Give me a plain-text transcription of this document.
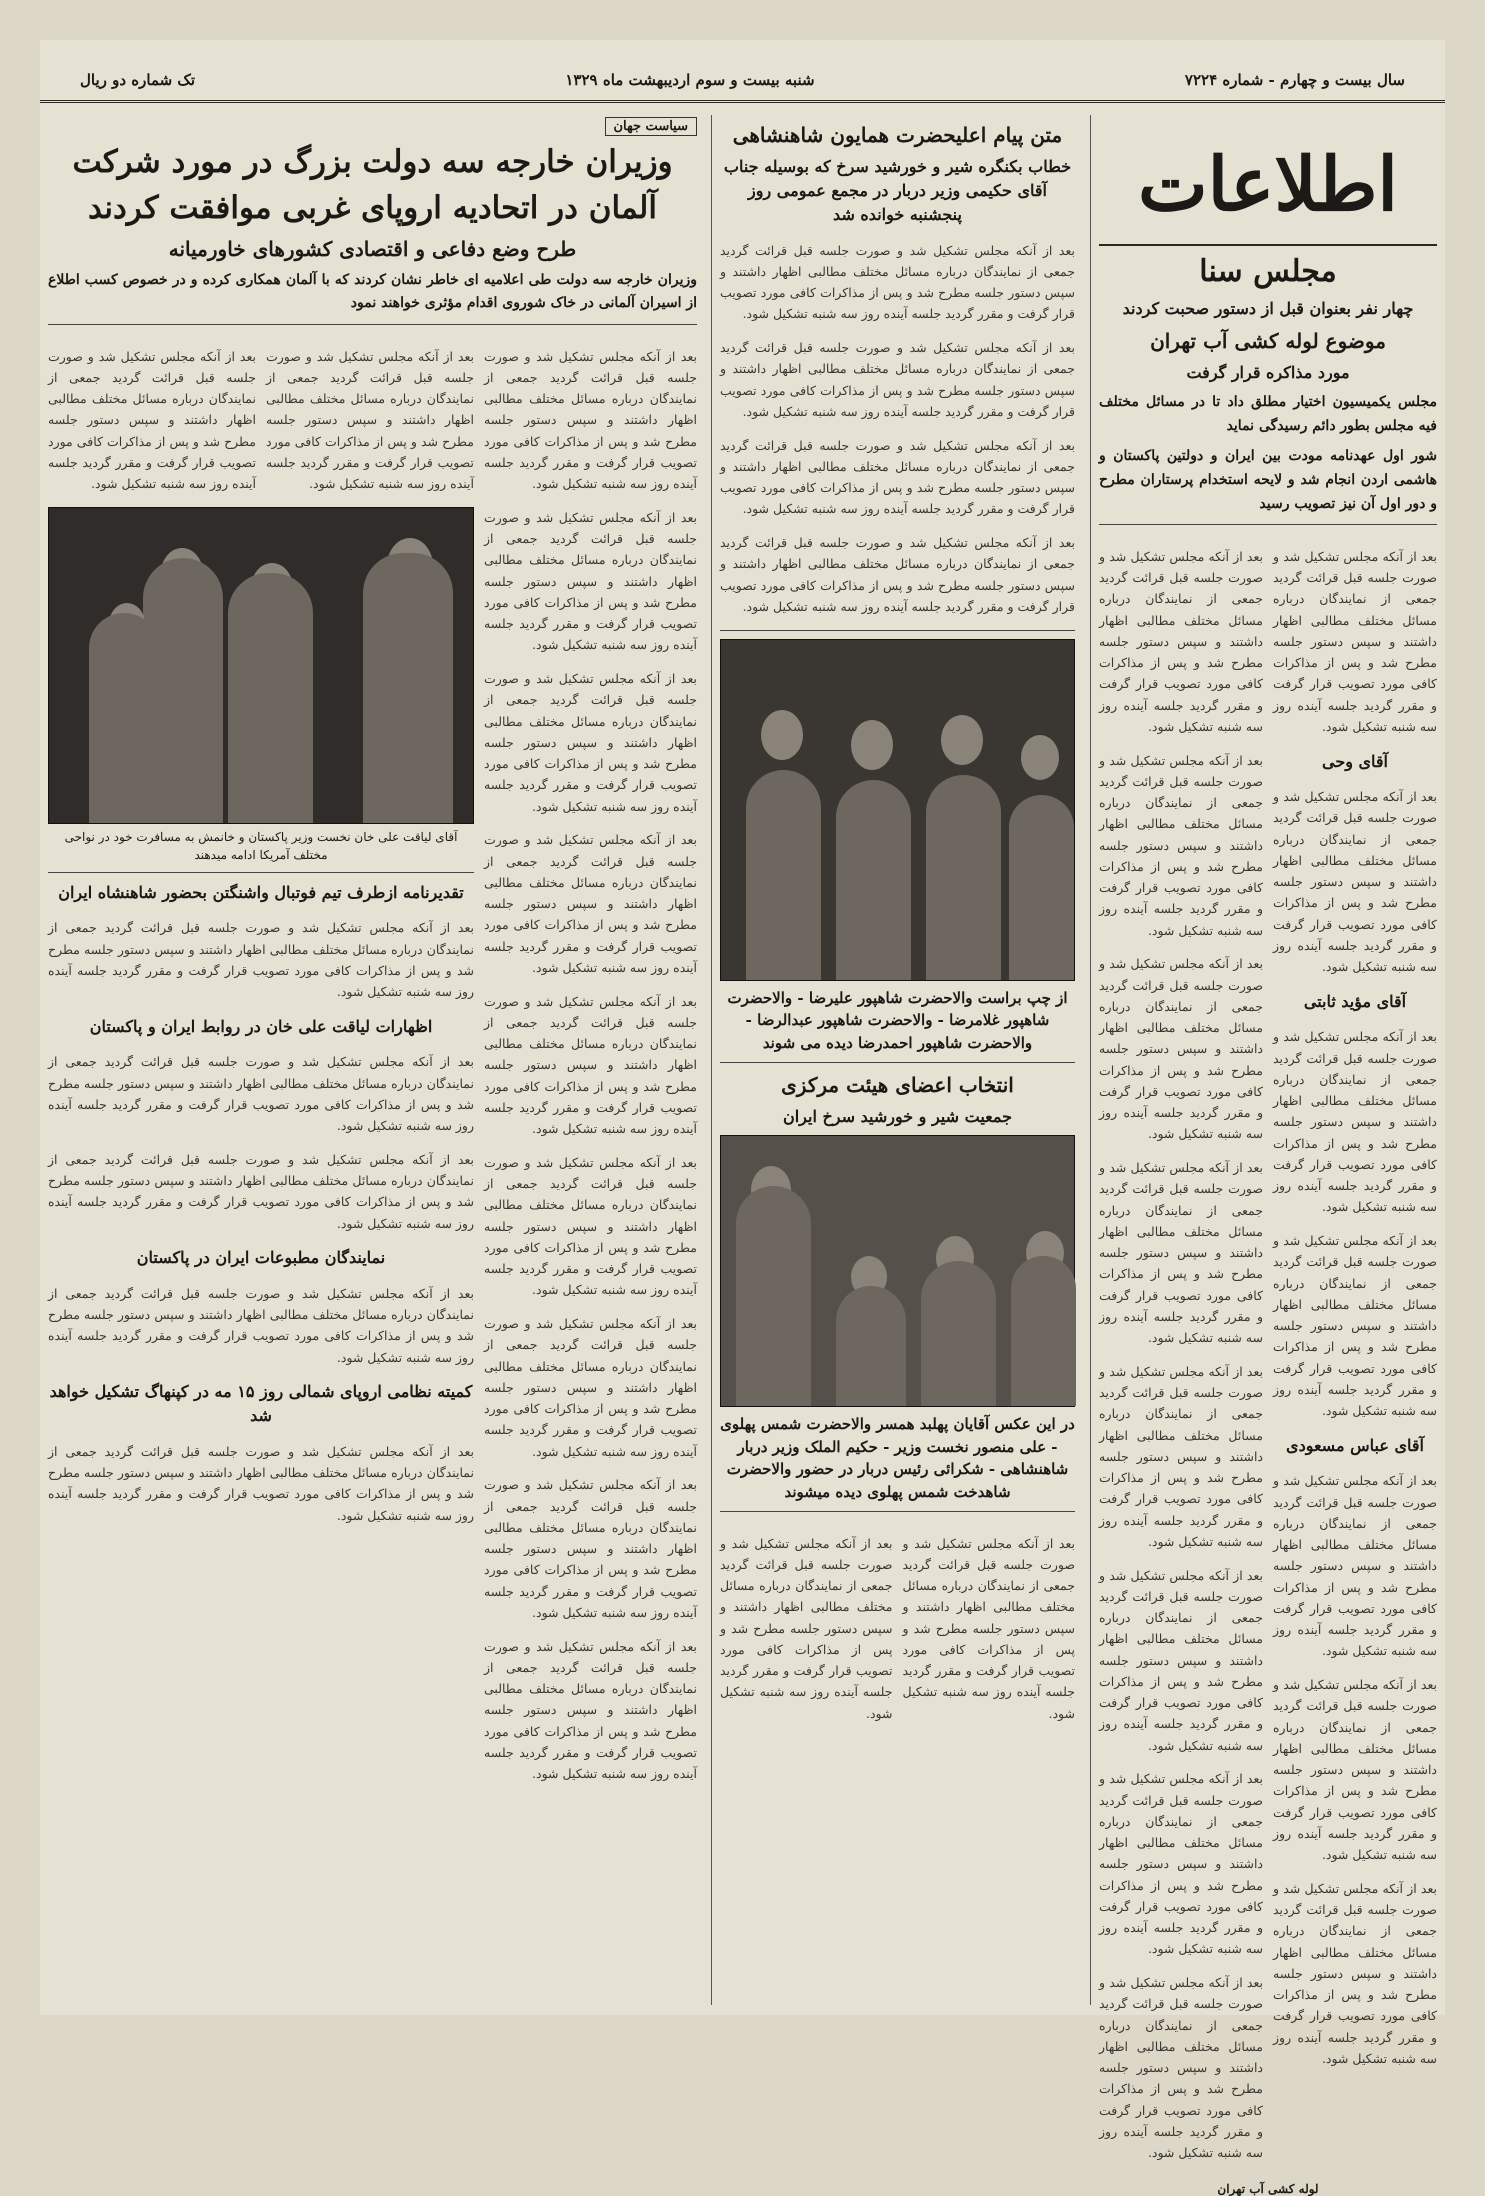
سال بیست و چهارم - شماره ۷۲۲۴
شنبه بیست و سوم اردیبهشت ماه ۱۳۲۹
تک شماره دو ریال
اطلاعات
مجلس سنا
چهار نفر بعنوان قبل از دستور صحبت کردند
موضوع لوله کشی آب تهران
مورد مذاکره قرار گرفت

مجلس یکمیسیون اختیار مطلق داد تا در مسائل مختلف فیه مجلس بطور دائم رسیدگی نماید

شور اول عهدنامه مودت بین ایران و دولتین پاکستان و هاشمی اردن انجام شد و لایحه استخدام پرستاران مطرح و دور اول آن نیز تصویب رسید

بعد از آنکه مجلس تشکیل شد و صورت جلسه قبل قرائت گردید جمعی از نمایندگان درباره مسائل مختلف مطالبی اظهار داشتند و سپس دستور جلسه مطرح شد و پس از مذاکرات کافی مورد تصویب قرار گرفت و مقرر گردید جلسه آینده روز سه شنبه تشکیل شود.

آقای وحی

بعد از آنکه مجلس تشکیل شد و صورت جلسه قبل قرائت گردید جمعی از نمایندگان درباره مسائل مختلف مطالبی اظهار داشتند و سپس دستور جلسه مطرح شد و پس از مذاکرات کافی مورد تصویب قرار گرفت و مقرر گردید جلسه آینده روز سه شنبه تشکیل شود.

آقای مؤید ثابتی

بعد از آنکه مجلس تشکیل شد و صورت جلسه قبل قرائت گردید جمعی از نمایندگان درباره مسائل مختلف مطالبی اظهار داشتند و سپس دستور جلسه مطرح شد و پس از مذاکرات کافی مورد تصویب قرار گرفت و مقرر گردید جلسه آینده روز سه شنبه تشکیل شود.

بعد از آنکه مجلس تشکیل شد و صورت جلسه قبل قرائت گردید جمعی از نمایندگان درباره مسائل مختلف مطالبی اظهار داشتند و سپس دستور جلسه مطرح شد و پس از مذاکرات کافی مورد تصویب قرار گرفت و مقرر گردید جلسه آینده روز سه شنبه تشکیل شود.

آقای عباس مسعودی

بعد از آنکه مجلس تشکیل شد و صورت جلسه قبل قرائت گردید جمعی از نمایندگان درباره مسائل مختلف مطالبی اظهار داشتند و سپس دستور جلسه مطرح شد و پس از مذاکرات کافی مورد تصویب قرار گرفت و مقرر گردید جلسه آینده روز سه شنبه تشکیل شود.

بعد از آنکه مجلس تشکیل شد و صورت جلسه قبل قرائت گردید جمعی از نمایندگان درباره مسائل مختلف مطالبی اظهار داشتند و سپس دستور جلسه مطرح شد و پس از مذاکرات کافی مورد تصویب قرار گرفت و مقرر گردید جلسه آینده روز سه شنبه تشکیل شود.

بعد از آنکه مجلس تشکیل شد و صورت جلسه قبل قرائت گردید جمعی از نمایندگان درباره مسائل مختلف مطالبی اظهار داشتند و سپس دستور جلسه مطرح شد و پس از مذاکرات کافی مورد تصویب قرار گرفت و مقرر گردید جلسه آینده روز سه شنبه تشکیل شود.

بعد از آنکه مجلس تشکیل شد و صورت جلسه قبل قرائت گردید جمعی از نمایندگان درباره مسائل مختلف مطالبی اظهار داشتند و سپس دستور جلسه مطرح شد و پس از مذاکرات کافی مورد تصویب قرار گرفت و مقرر گردید جلسه آینده روز سه شنبه تشکیل شود.

بعد از آنکه مجلس تشکیل شد و صورت جلسه قبل قرائت گردید جمعی از نمایندگان درباره مسائل مختلف مطالبی اظهار داشتند و سپس دستور جلسه مطرح شد و پس از مذاکرات کافی مورد تصویب قرار گرفت و مقرر گردید جلسه آینده روز سه شنبه تشکیل شود.

بعد از آنکه مجلس تشکیل شد و صورت جلسه قبل قرائت گردید جمعی از نمایندگان درباره مسائل مختلف مطالبی اظهار داشتند و سپس دستور جلسه مطرح شد و پس از مذاکرات کافی مورد تصویب قرار گرفت و مقرر گردید جلسه آینده روز سه شنبه تشکیل شود.

بعد از آنکه مجلس تشکیل شد و صورت جلسه قبل قرائت گردید جمعی از نمایندگان درباره مسائل مختلف مطالبی اظهار داشتند و سپس دستور جلسه مطرح شد و پس از مذاکرات کافی مورد تصویب قرار گرفت و مقرر گردید جلسه آینده روز سه شنبه تشکیل شود.

بعد از آنکه مجلس تشکیل شد و صورت جلسه قبل قرائت گردید جمعی از نمایندگان درباره مسائل مختلف مطالبی اظهار داشتند و سپس دستور جلسه مطرح شد و پس از مذاکرات کافی مورد تصویب قرار گرفت و مقرر گردید جلسه آینده روز سه شنبه تشکیل شود.

بعد از آنکه مجلس تشکیل شد و صورت جلسه قبل قرائت گردید جمعی از نمایندگان درباره مسائل مختلف مطالبی اظهار داشتند و سپس دستور جلسه مطرح شد و پس از مذاکرات کافی مورد تصویب قرار گرفت و مقرر گردید جلسه آینده روز سه شنبه تشکیل شود.

بعد از آنکه مجلس تشکیل شد و صورت جلسه قبل قرائت گردید جمعی از نمایندگان درباره مسائل مختلف مطالبی اظهار داشتند و سپس دستور جلسه مطرح شد و پس از مذاکرات کافی مورد تصویب قرار گرفت و مقرر گردید جلسه آینده روز سه شنبه تشکیل شود.

بعد از آنکه مجلس تشکیل شد و صورت جلسه قبل قرائت گردید جمعی از نمایندگان درباره مسائل مختلف مطالبی اظهار داشتند و سپس دستور جلسه مطرح شد و پس از مذاکرات کافی مورد تصویب قرار گرفت و مقرر گردید جلسه آینده روز سه شنبه تشکیل شود.

لوله کشی آب تهران
متن پیام اعلیحضرت همایون شاهنشاهی
خطاب بکنگره شیر و خورشید سرخ که بوسیله جناب آقای حکیمی وزیر دربار در مجمع عمومی روز پنجشنبه خوانده شد

بعد از آنکه مجلس تشکیل شد و صورت جلسه قبل قرائت گردید جمعی از نمایندگان درباره مسائل مختلف مطالبی اظهار داشتند و سپس دستور جلسه مطرح شد و پس از مذاکرات کافی مورد تصویب قرار گرفت و مقرر گردید جلسه آینده روز سه شنبه تشکیل شود.

بعد از آنکه مجلس تشکیل شد و صورت جلسه قبل قرائت گردید جمعی از نمایندگان درباره مسائل مختلف مطالبی اظهار داشتند و سپس دستور جلسه مطرح شد و پس از مذاکرات کافی مورد تصویب قرار گرفت و مقرر گردید جلسه آینده روز سه شنبه تشکیل شود.

بعد از آنکه مجلس تشکیل شد و صورت جلسه قبل قرائت گردید جمعی از نمایندگان درباره مسائل مختلف مطالبی اظهار داشتند و سپس دستور جلسه مطرح شد و پس از مذاکرات کافی مورد تصویب قرار گرفت و مقرر گردید جلسه آینده روز سه شنبه تشکیل شود.

بعد از آنکه مجلس تشکیل شد و صورت جلسه قبل قرائت گردید جمعی از نمایندگان درباره مسائل مختلف مطالبی اظهار داشتند و سپس دستور جلسه مطرح شد و پس از مذاکرات کافی مورد تصویب قرار گرفت و مقرر گردید جلسه آینده روز سه شنبه تشکیل شود.

از چپ براست والاحضرت شاهپور علیرضا - والاحضرت شاهپور غلامرضا - والاحضرت شاهپور عبدالرضا - والاحضرت شاهپور احمدرضا دیده می شوند

انتخاب اعضای هیئت مرکزی
جمعیت شیر و خورشید سرخ ایران

در این عکس آقایان پهلبد همسر والاحضرت شمس پهلوی - علی منصور نخست وزیر - حکیم الملک وزیر دربار شاهنشاهی - شکرائی رئیس دربار در حضور والاحضرت شاهدخت شمس پهلوی دیده میشوند

بعد از آنکه مجلس تشکیل شد و صورت جلسه قبل قرائت گردید جمعی از نمایندگان درباره مسائل مختلف مطالبی اظهار داشتند و سپس دستور جلسه مطرح شد و پس از مذاکرات کافی مورد تصویب قرار گرفت و مقرر گردید جلسه آینده روز سه شنبه تشکیل شود.

بعد از آنکه مجلس تشکیل شد و صورت جلسه قبل قرائت گردید جمعی از نمایندگان درباره مسائل مختلف مطالبی اظهار داشتند و سپس دستور جلسه مطرح شد و پس از مذاکرات کافی مورد تصویب قرار گرفت و مقرر گردید جلسه آینده روز سه شنبه تشکیل شود.

سیاست جهان
وزیران خارجه سه دولت بزرگ در مورد شرکت
آلمان در اتحادیه اروپای غربی موافقت کردند
طرح وضع دفاعی و اقتصادی کشورهای خاورمیانه

وزیران خارجه سه دولت طی اعلامیه ای خاطر نشان کردند که با آلمان همکاری کرده و در خصوص کسب اطلاع از اسیران آلمانی در خاک شوروی اقدام مؤثری خواهند نمود

بعد از آنکه مجلس تشکیل شد و صورت جلسه قبل قرائت گردید جمعی از نمایندگان درباره مسائل مختلف مطالبی اظهار داشتند و سپس دستور جلسه مطرح شد و پس از مذاکرات کافی مورد تصویب قرار گرفت و مقرر گردید جلسه آینده روز سه شنبه تشکیل شود.

بعد از آنکه مجلس تشکیل شد و صورت جلسه قبل قرائت گردید جمعی از نمایندگان درباره مسائل مختلف مطالبی اظهار داشتند و سپس دستور جلسه مطرح شد و پس از مذاکرات کافی مورد تصویب قرار گرفت و مقرر گردید جلسه آینده روز سه شنبه تشکیل شود.

بعد از آنکه مجلس تشکیل شد و صورت جلسه قبل قرائت گردید جمعی از نمایندگان درباره مسائل مختلف مطالبی اظهار داشتند و سپس دستور جلسه مطرح شد و پس از مذاکرات کافی مورد تصویب قرار گرفت و مقرر گردید جلسه آینده روز سه شنبه تشکیل شود.

بعد از آنکه مجلس تشکیل شد و صورت جلسه قبل قرائت گردید جمعی از نمایندگان درباره مسائل مختلف مطالبی اظهار داشتند و سپس دستور جلسه مطرح شد و پس از مذاکرات کافی مورد تصویب قرار گرفت و مقرر گردید جلسه آینده روز سه شنبه تشکیل شود.

بعد از آنکه مجلس تشکیل شد و صورت جلسه قبل قرائت گردید جمعی از نمایندگان درباره مسائل مختلف مطالبی اظهار داشتند و سپس دستور جلسه مطرح شد و پس از مذاکرات کافی مورد تصویب قرار گرفت و مقرر گردید جلسه آینده روز سه شنبه تشکیل شود.

بعد از آنکه مجلس تشکیل شد و صورت جلسه قبل قرائت گردید جمعی از نمایندگان درباره مسائل مختلف مطالبی اظهار داشتند و سپس دستور جلسه مطرح شد و پس از مذاکرات کافی مورد تصویب قرار گرفت و مقرر گردید جلسه آینده روز سه شنبه تشکیل شود.

بعد از آنکه مجلس تشکیل شد و صورت جلسه قبل قرائت گردید جمعی از نمایندگان درباره مسائل مختلف مطالبی اظهار داشتند و سپس دستور جلسه مطرح شد و پس از مذاکرات کافی مورد تصویب قرار گرفت و مقرر گردید جلسه آینده روز سه شنبه تشکیل شود.

بعد از آنکه مجلس تشکیل شد و صورت جلسه قبل قرائت گردید جمعی از نمایندگان درباره مسائل مختلف مطالبی اظهار داشتند و سپس دستور جلسه مطرح شد و پس از مذاکرات کافی مورد تصویب قرار گرفت و مقرر گردید جلسه آینده روز سه شنبه تشکیل شود.

بعد از آنکه مجلس تشکیل شد و صورت جلسه قبل قرائت گردید جمعی از نمایندگان درباره مسائل مختلف مطالبی اظهار داشتند و سپس دستور جلسه مطرح شد و پس از مذاکرات کافی مورد تصویب قرار گرفت و مقرر گردید جلسه آینده روز سه شنبه تشکیل شود.

بعد از آنکه مجلس تشکیل شد و صورت جلسه قبل قرائت گردید جمعی از نمایندگان درباره مسائل مختلف مطالبی اظهار داشتند و سپس دستور جلسه مطرح شد و پس از مذاکرات کافی مورد تصویب قرار گرفت و مقرر گردید جلسه آینده روز سه شنبه تشکیل شود.

بعد از آنکه مجلس تشکیل شد و صورت جلسه قبل قرائت گردید جمعی از نمایندگان درباره مسائل مختلف مطالبی اظهار داشتند و سپس دستور جلسه مطرح شد و پس از مذاکرات کافی مورد تصویب قرار گرفت و مقرر گردید جلسه آینده روز سه شنبه تشکیل شود.

آقای لیاقت علی خان نخست وزیر پاکستان و خانمش به مسافرت خود در نواحی مختلف آمریکا ادامه میدهند

تقدیرنامه ازطرف تیم فوتبال واشنگتن بحضور شاهنشاه ایران

بعد از آنکه مجلس تشکیل شد و صورت جلسه قبل قرائت گردید جمعی از نمایندگان درباره مسائل مختلف مطالبی اظهار داشتند و سپس دستور جلسه مطرح شد و پس از مذاکرات کافی مورد تصویب قرار گرفت و مقرر گردید جلسه آینده روز سه شنبه تشکیل شود.

اظهارات لیاقت علی خان در روابط ایران و پاکستان

بعد از آنکه مجلس تشکیل شد و صورت جلسه قبل قرائت گردید جمعی از نمایندگان درباره مسائل مختلف مطالبی اظهار داشتند و سپس دستور جلسه مطرح شد و پس از مذاکرات کافی مورد تصویب قرار گرفت و مقرر گردید جلسه آینده روز سه شنبه تشکیل شود.

بعد از آنکه مجلس تشکیل شد و صورت جلسه قبل قرائت گردید جمعی از نمایندگان درباره مسائل مختلف مطالبی اظهار داشتند و سپس دستور جلسه مطرح شد و پس از مذاکرات کافی مورد تصویب قرار گرفت و مقرر گردید جلسه آینده روز سه شنبه تشکیل شود.

نمایندگان مطبوعات ایران در پاکستان

بعد از آنکه مجلس تشکیل شد و صورت جلسه قبل قرائت گردید جمعی از نمایندگان درباره مسائل مختلف مطالبی اظهار داشتند و سپس دستور جلسه مطرح شد و پس از مذاکرات کافی مورد تصویب قرار گرفت و مقرر گردید جلسه آینده روز سه شنبه تشکیل شود.

کمیته نظامی اروپای شمالی روز ۱۵ مه در کپنهاگ تشکیل خواهد شد

بعد از آنکه مجلس تشکیل شد و صورت جلسه قبل قرائت گردید جمعی از نمایندگان درباره مسائل مختلف مطالبی اظهار داشتند و سپس دستور جلسه مطرح شد و پس از مذاکرات کافی مورد تصویب قرار گرفت و مقرر گردید جلسه آینده روز سه شنبه تشکیل شود.
